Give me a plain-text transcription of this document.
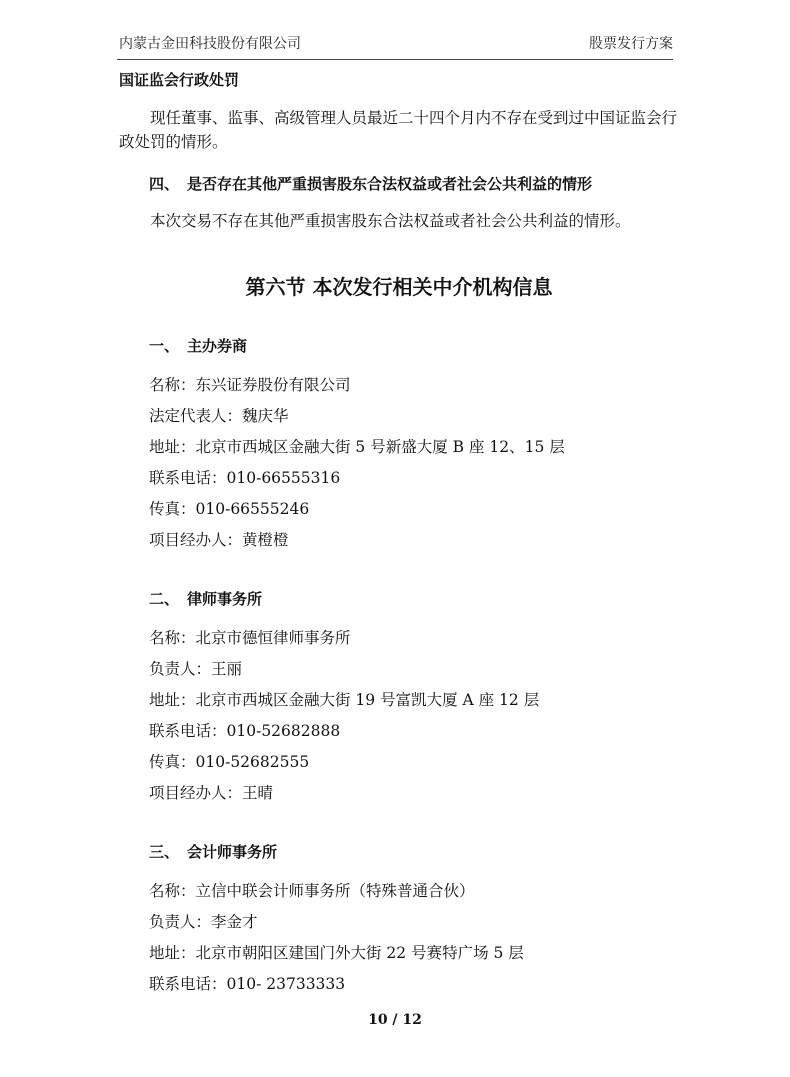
内蒙古金田科技股份有限公司	股票发行方案
国证监会行政处罚

现任董事、监事、高级管理人员最近二十四个月内不存在受到过中国证监会行政处罚的情形。

四、 是否存在其他严重损害股东合法权益或者社会公共利益的情形

本次交易不存在其他严重损害股东合法权益或者社会公共利益的情形。

第六节 本次发行相关中介机构信息
一、 主办券商
名称：东兴证券股份有限公司
法定代表人：魏庆华
地址：北京市西城区金融大街 5 号新盛大厦 B 座 12、15 层
联系电话：010-66555316
传真：010-66555246
项目经办人：黄橙橙
二、 律师事务所
名称：北京市德恒律师事务所
负责人：王丽
地址：北京市西城区金融大街 19 号富凯大厦 A 座 12 层
联系电话：010-52682888
传真：010-52682555
项目经办人：王晴
三、 会计师事务所
名称：立信中联会计师事务所（特殊普通合伙）
负责人：李金才
地址：北京市朝阳区建国门外大街 22 号赛特广场 5 层
联系电话：010- 23733333
10 / 12
